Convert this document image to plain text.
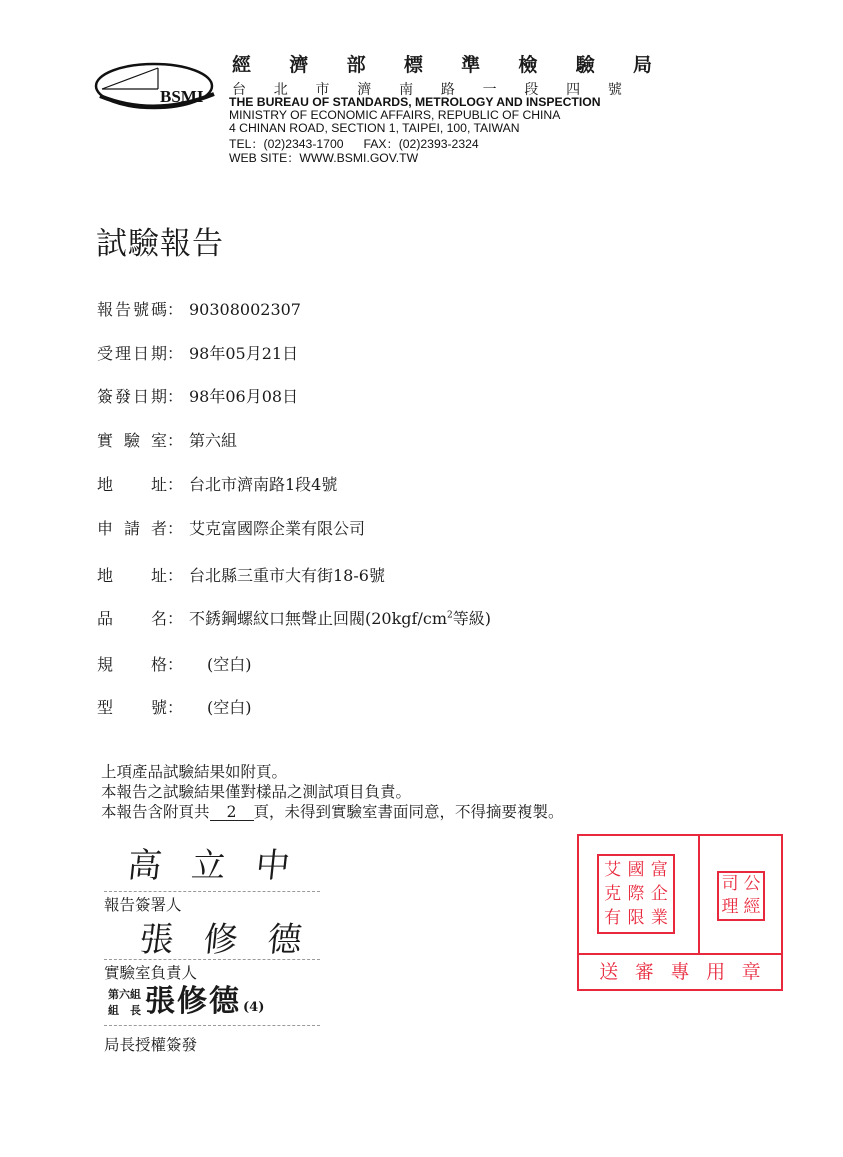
BSMI
經 濟 部 標 準 檢 驗 局
台 北 市 濟 南 路 一 段 四 號
THE BUREAU OF STANDARDS, METROLOGY AND INSPECTION
MINISTRY OF ECONOMIC AFFAIRS, REPUBLIC OF CHINA
4 CHINAN ROAD, SECTION 1, TAIPEI, 100, TAIWAN
TEL：(02)2343-1700 FAX：(02)2393-2324
WEB SITE：WWW.BSMI.GOV.TW
試驗報告
報 告 號 碼 ： 90308002307
受 理 日 期 ： 98年05月21日
簽 發 日 期 ： 98年06月08日
實 驗 室 ： 第六組
地 址 ： 台北市濟南路1段4號
申 請 者 ： 艾克富國際企業有限公司
地 址 ： 台北縣三重市大有街18-6號
品 名 ： 不銹鋼螺紋口無聲止回閥($20kgf/cm^2$等級)
規 格 ：	(空白)
型 號 ：	(空白)
上項產品試驗結果如附頁。
本報告之試驗結果僅對樣品之測試項目負責。
本報告含附頁共 2 頁，未得到實驗室書面同意，不得摘要複製。
高立中
報告簽署人
張修德
實驗室負責人
第六組
組　長 張修德 (4)
局長授權簽發
艾 國 富
克 際 企
有 限 業
司 公
理 經
送 審 專 用 章
